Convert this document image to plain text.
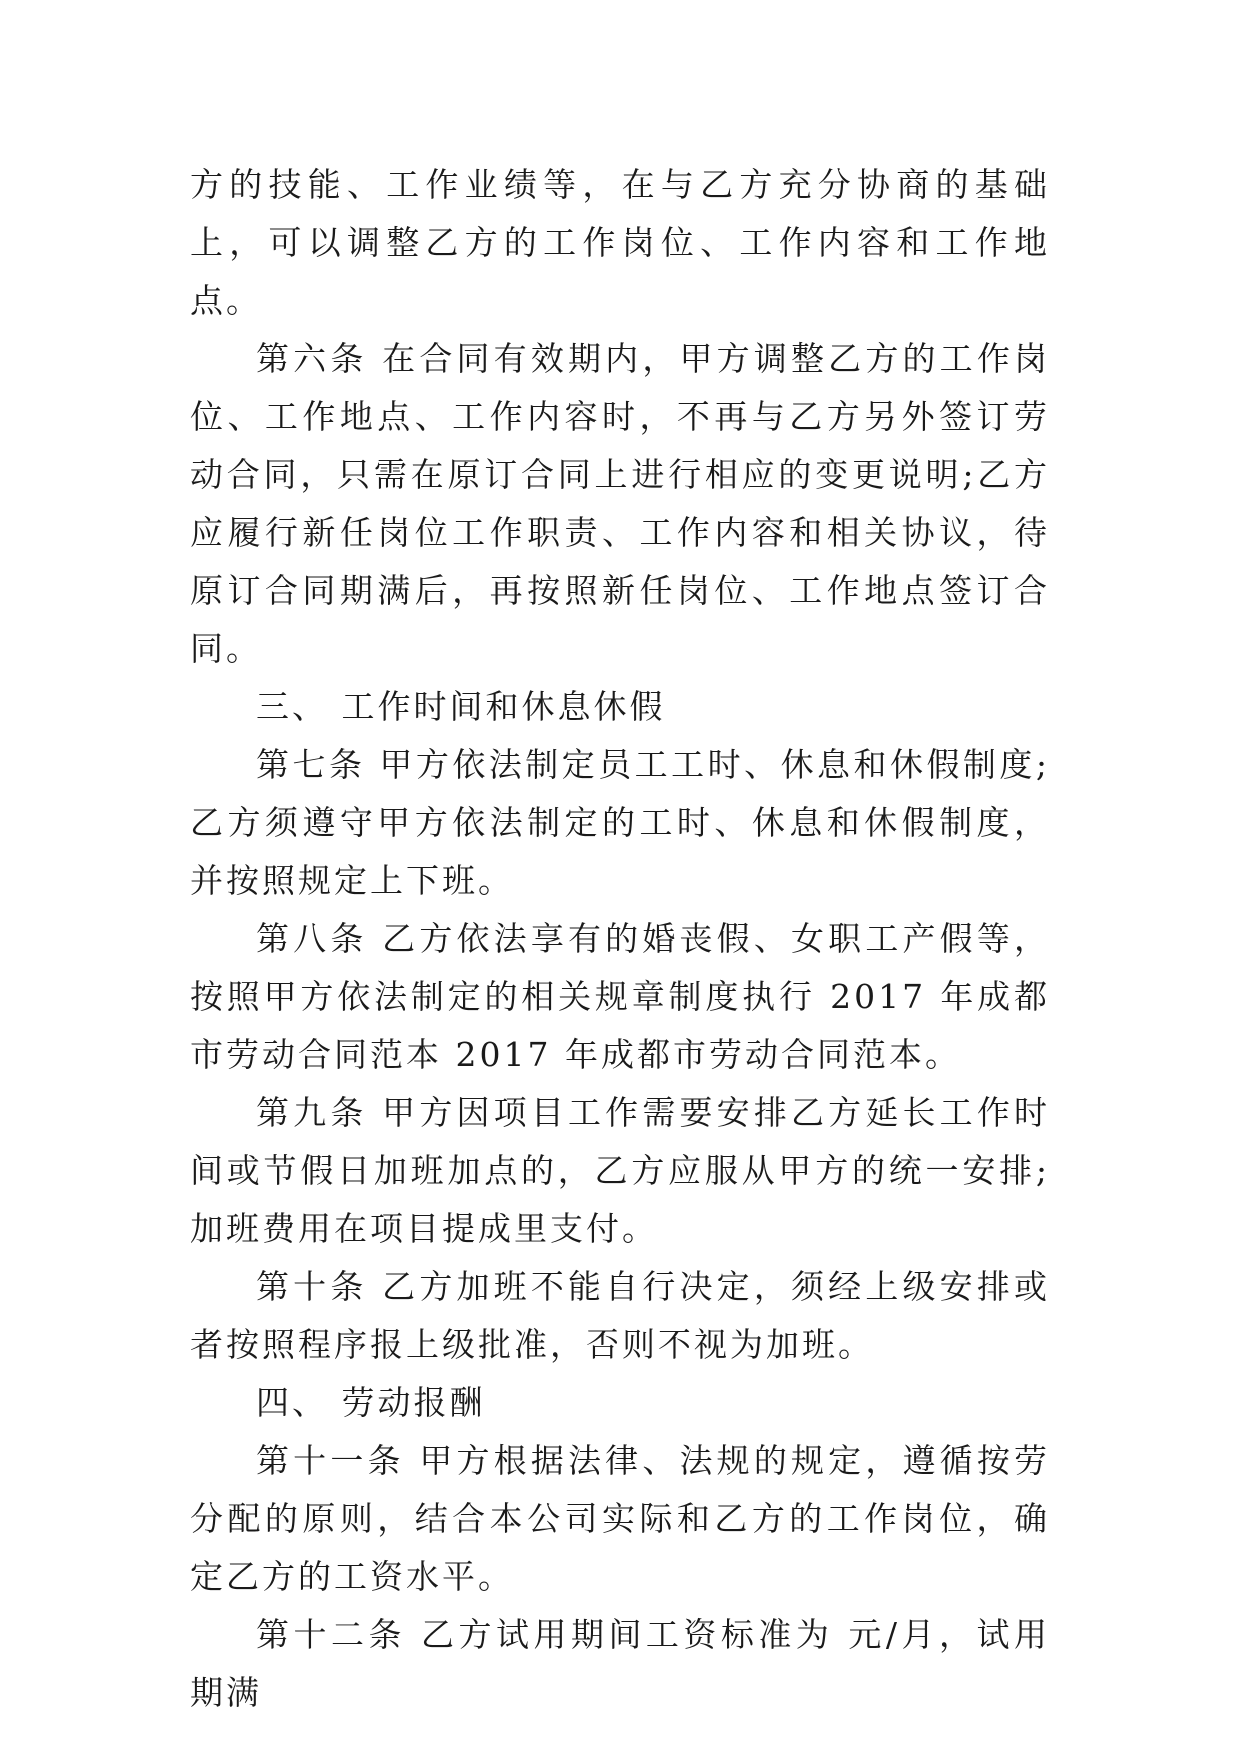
方的技能、工作业绩等，在与乙方充分协商的基础上，可以调整乙方的工作岗位、工作内容和工作地点。

第六条 在合同有效期内，甲方调整乙方的工作岗位、工作地点、工作内容时，不再与乙方另外签订劳动合同，只需在原订合同上进行相应的变更说明;乙方应履行新任岗位工作职责、工作内容和相关协议，待原订合同期满后，再按照新任岗位、工作地点签订合同。

三、 工作时间和休息休假

第七条 甲方依法制定员工工时、休息和休假制度;乙方须遵守甲方依法制定的工时、休息和休假制度，并按照规定上下班。

第八条 乙方依法享有的婚丧假、女职工产假等，按照甲方依法制定的相关规章制度执行 2017 年成都市劳动合同范本 2017 年成都市劳动合同范本。

第九条 甲方因项目工作需要安排乙方延长工作时间或节假日加班加点的，乙方应服从甲方的统一安排;加班费用在项目提成里支付。

第十条 乙方加班不能自行决定，须经上级安排或者按照程序报上级批准，否则不视为加班。

四、 劳动报酬

第十一条 甲方根据法律、法规的规定，遵循按劳分配的原则，结合本公司实际和乙方的工作岗位，确定乙方的工资水平。

第十二条 乙方试用期间工资标准为 元/月，试用期满
